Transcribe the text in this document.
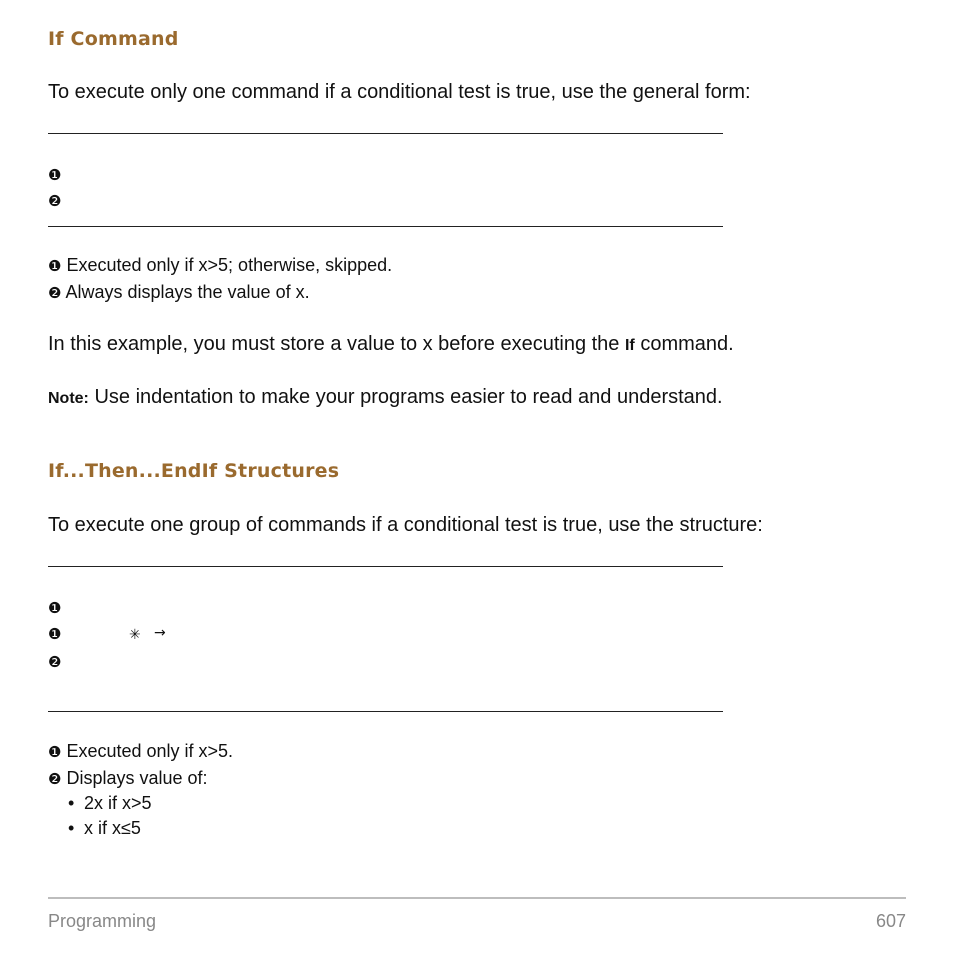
If Command
To execute only one command if a conditional test is true, use the general form:
❶
❷
❶ Executed only if x>5; otherwise, skipped.
❷ Always displays the value of x.
In this example, you must store a value to x before executing the If command.
Note: Use indentation to make your programs easier to read and understand.
If...Then...EndIf Structures
To execute one group of commands if a conditional test is true, use the structure:
❶
❶	✳ →
❷
❶ Executed only if x>5.
❷ Displays value of:
• 2x if x>5
• x if x≤5
Programming	607
